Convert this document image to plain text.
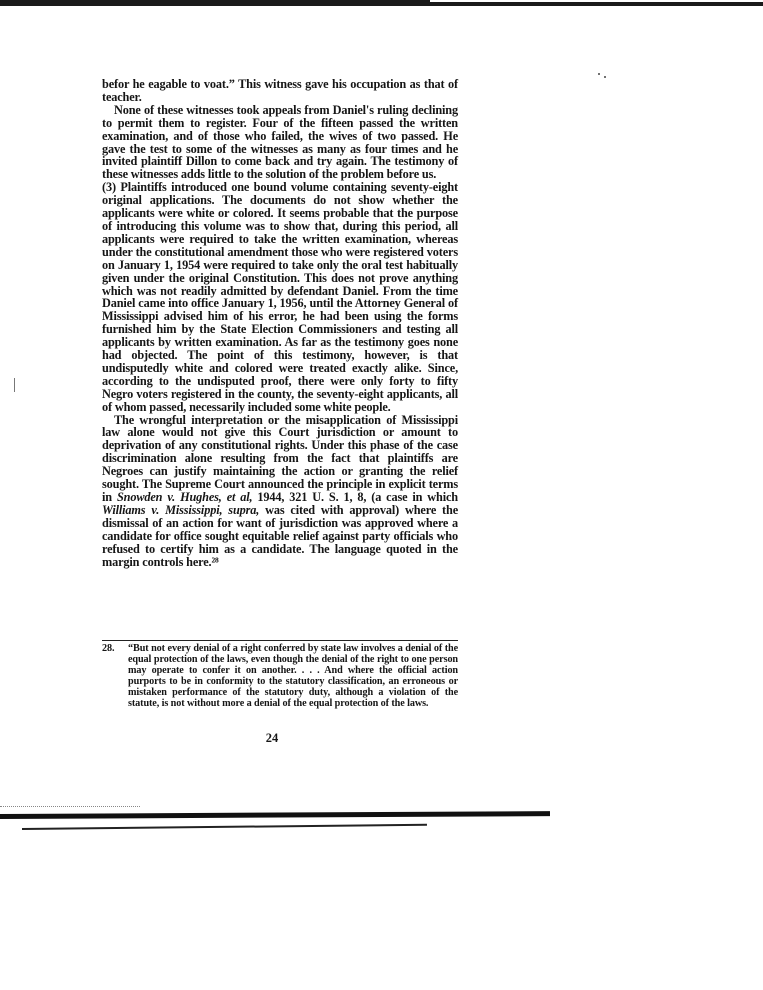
befor he eagable to voat.” This witness gave his occupation as that of teacher.

None of these witnesses took appeals from Daniel's ruling declining to permit them to register. Four of the fifteen passed the written examination, and of those who failed, the wives of two passed. He gave the test to some of the witnesses as many as four times and he invited plaintiff Dillon to come back and try again. The testimony of these witnesses adds little to the solution of the problem before us.

(3) Plaintiffs introduced one bound volume containing seventy-eight original applications. The documents do not show whether the applicants were white or colored. It seems probable that the purpose of introducing this volume was to show that, during this period, all applicants were required to take the written examination, whereas under the constitutional amendment those who were registered voters on January 1, 1954 were required to take only the oral test habitually given under the original Constitution. This does not prove anything which was not readily admitted by defendant Daniel. From the time Daniel came into office January 1, 1956, until the Attorney General of Mississippi advised him of his error, he had been using the forms furnished him by the State Election Commissioners and testing all applicants by written examination. As far as the testimony goes none had objected. The point of this testimony, however, is that undisputedly white and colored were treated exactly alike. Since, according to the undisputed proof, there were only forty to fifty Negro voters registered in the county, the seventy-eight applicants, all of whom passed, necessarily included some white people.

The wrongful interpretation or the misapplication of Mississippi law alone would not give this Court jurisdiction or amount to deprivation of any constitutional rights. Under this phase of the case discrimination alone resulting from the fact that plaintiffs are Negroes can justify maintaining the action or granting the relief sought. The Supreme Court announced the principle in explicit terms in Snowden v. Hughes, et al, 1944, 321 U. S. 1, 8, (a case in which Williams v. Mississippi, supra, was cited with approval) where the dismissal of an action for want of jurisdiction was approved where a candidate for office sought equitable relief against party officials who refused to certify him as a candidate. The language quoted in the margin controls here.²⁸

28.	“But not every denial of a right conferred by state law involves a denial of the equal protection of the laws, even though the denial of the right to one person may operate to confer it on another. . . . And where the official action purports to be in conformity to the statutory classification, an erroneous or mistaken performance of the statutory duty, although a violation of the statute, is not without more a denial of the equal protection of the laws.
24
